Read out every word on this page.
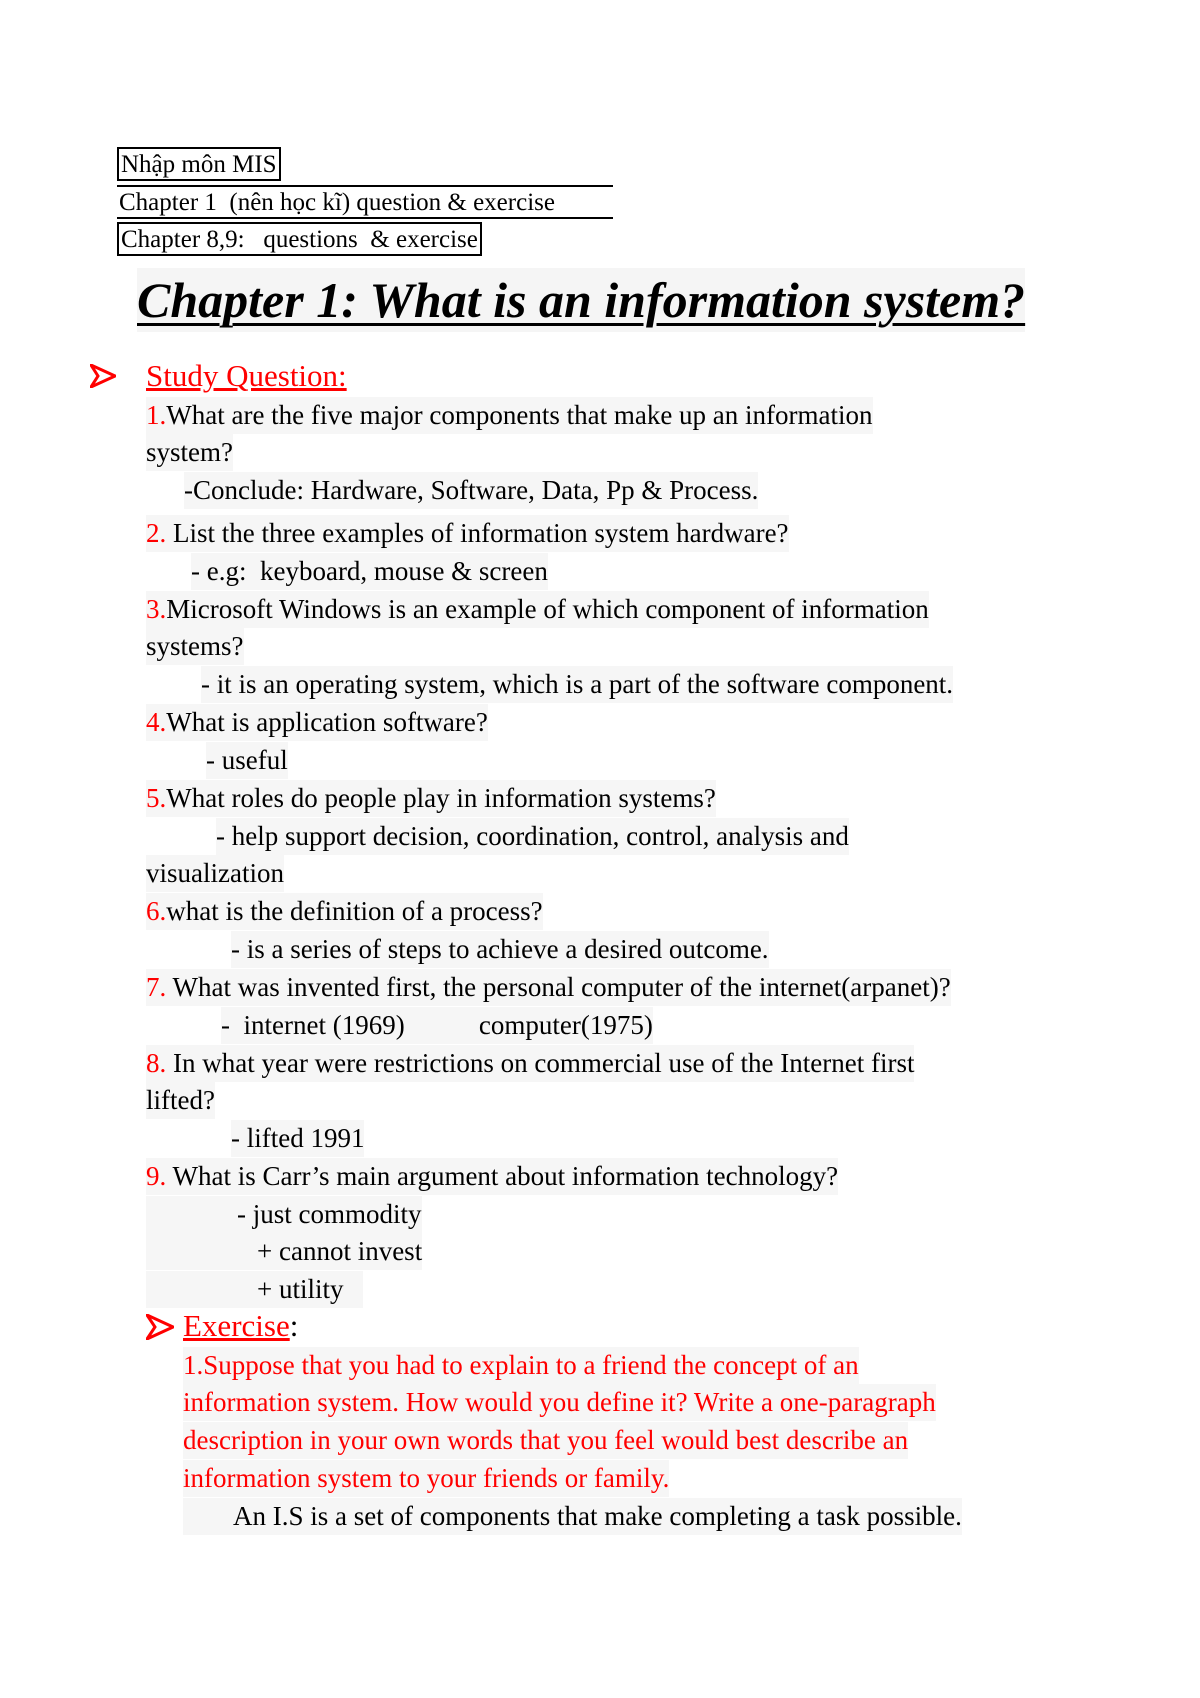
Nhập môn MIS
Chapter 1  (nên học kĩ) question & exercise
Chapter 8,9:   questions  & exercise
Chapter 1: What is an information system?
Study Question:
1.What are the five major components that make up an information
system?
-Conclude: Hardware, Software, Data, Pp & Process.
2. List the three examples of information system hardware?
- e.g:  keyboard, mouse & screen
3.Microsoft Windows is an example of which component of information
systems?
- it is an operating system, which is a part of the software component.
4.What is application software?
- useful
5.What roles do people play in information systems?
- help support decision, coordination, control, analysis and
visualization
6.what is the definition of a process?
- is a series of steps to achieve a desired outcome.
7. What was invented first, the personal computer of the internet(arpanet)?
-  internet (1969)           computer(1975)
8. In what year were restrictions on commercial use of the Internet first
lifted?
- lifted 1991
9. What is Carr’s main argument about information technology?
- just commodity
+ cannot invest
+ utility
Exercise:
1.Suppose that you had to explain to a friend the concept of an
information system. How would you define it? Write a one-paragraph
description in your own words that you feel would best describe an
information system to your friends or family.
An I.S is a set of components that make completing a task possible.
